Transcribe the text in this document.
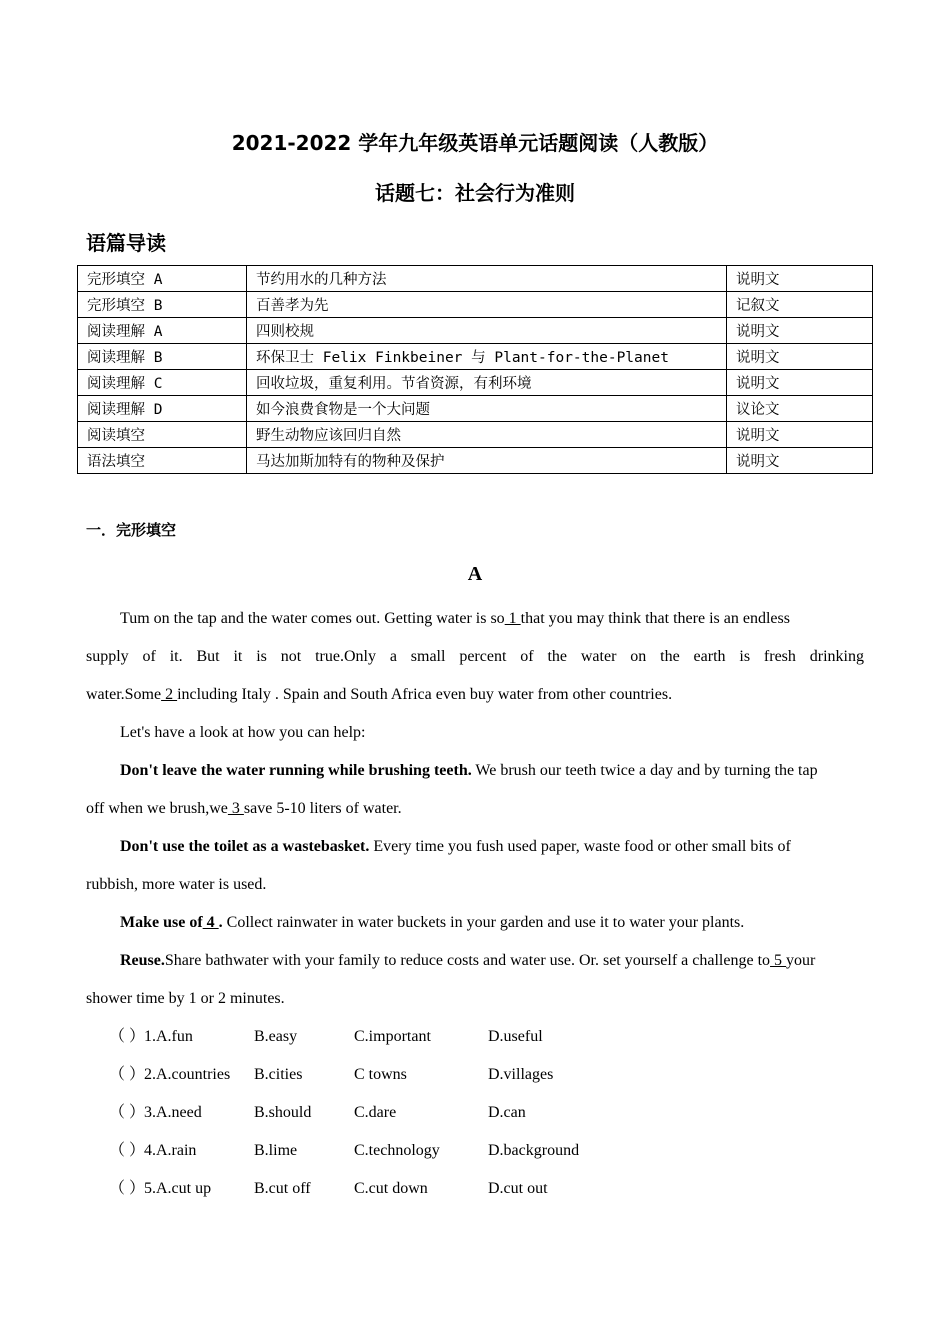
2021-2022 学年九年级英语单元话题阅读（人教版）
话题七：社会行为准则
语篇导读
完形填空 A	节约用水的几种方法	说明文
完形填空 B	百善孝为先	记叙文
阅读理解 A	四则校规	说明文
阅读理解 B	环保卫士 Felix Finkbeiner 与 Plant-for-the-Planet	说明文
阅读理解 C	回收垃圾，重复利用。节省资源，有利环境	说明文
阅读理解 D	如今浪费食物是一个大问题	议论文
阅读填空	野生动物应该回归自然	说明文
语法填空	马达加斯加特有的物种及保护	说明文
一．完形填空
A

Tum on the tap and the water comes out. Getting water is so 1 that you may think that there is an endless

supply of it. But it is not true.Only a small percent of the water on the earth is fresh drinking
water.Some 2 including Italy . Spain and South Africa even buy water from other countries.

Let's have a look at how you can help:

Don't leave the water running while brushing teeth. We brush our teeth twice a day and by turning the tap

off when we brush,we 3 save 5-10 liters of water.

Don't use the toilet as a wastebasket. Every time you fush used paper, waste food or other small bits of

rubbish, more water is used.

Make use of 4 . Collect rainwater in water buckets in your garden and use it to water your plants.

Reuse.Share bathwater with your family to reduce costs and water use. Or. set yourself a challenge to 5 your

shower time by 1 or 2 minutes.
（ ）
1.A.fun	B.easy	C.important	D.useful
（ ）
2.A.countries B.cities	C towns	D.villages
（ ）
3.A.need	B.should	C.dare	D.can
（ ）
4.A.rain	B.lime	C.technology	D.background
（ ）
5.A.cut up	B.cut off	C.cut down	D.cut out
